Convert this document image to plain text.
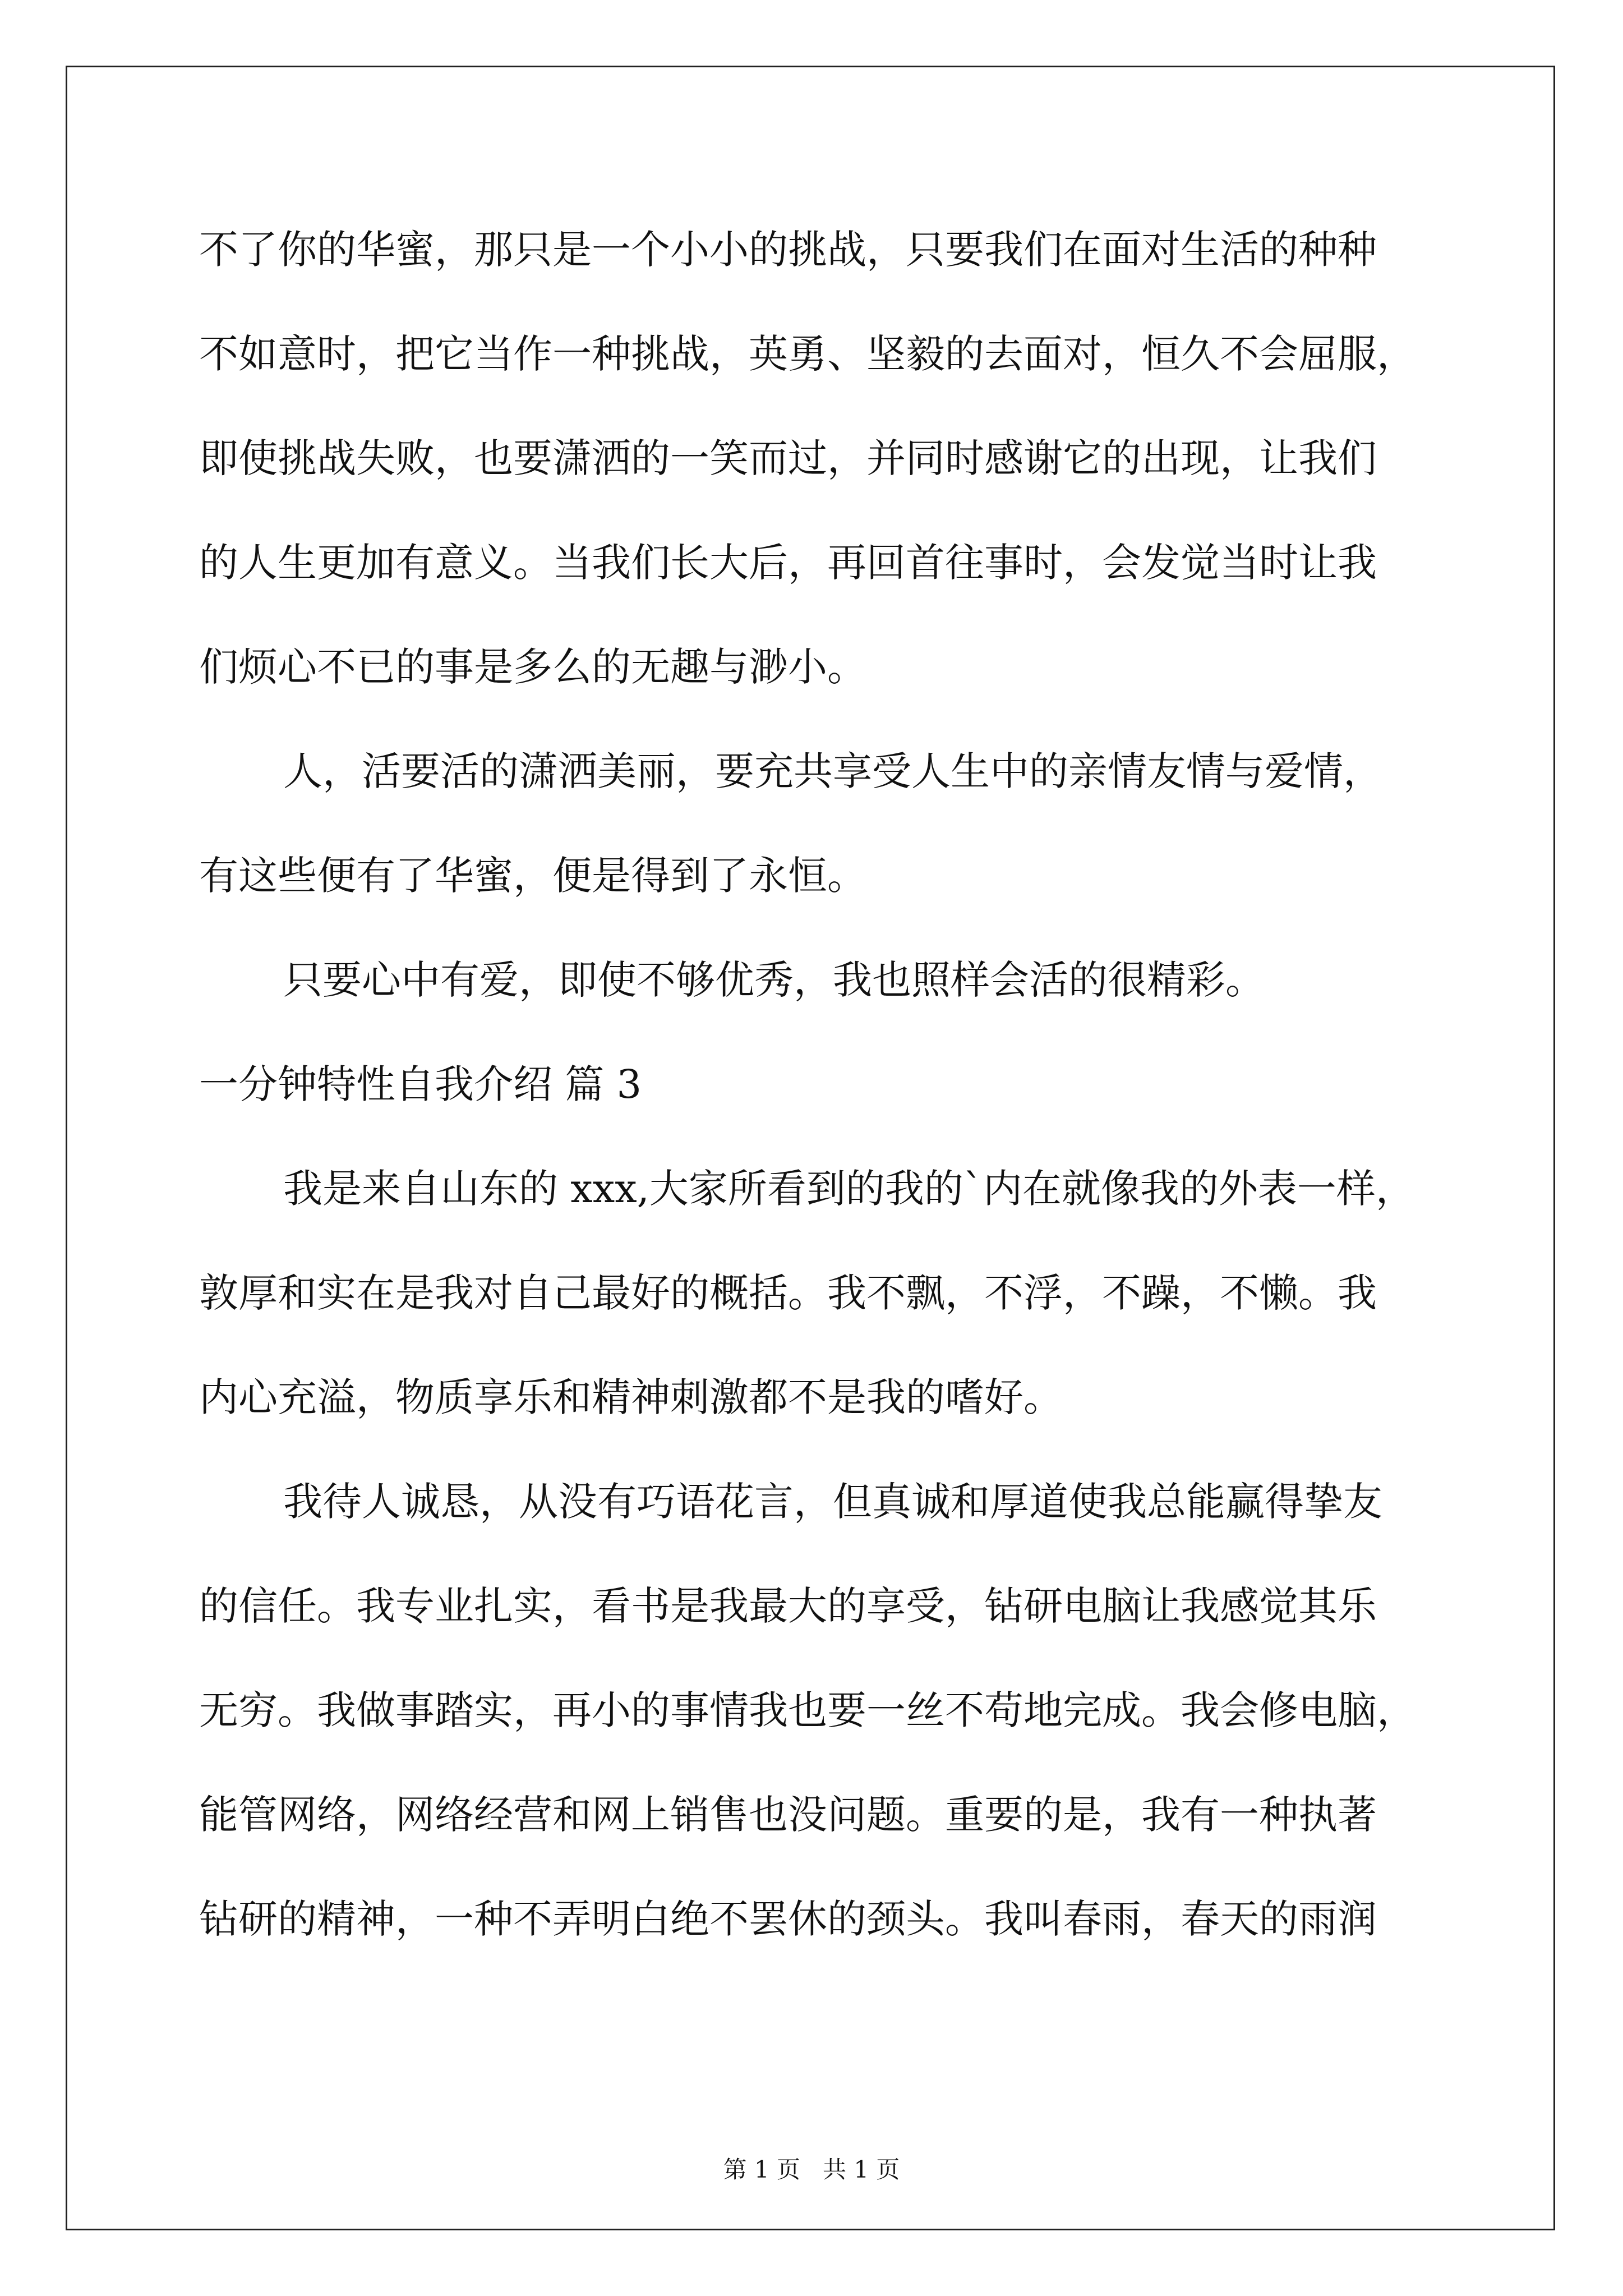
不了你的华蜜，那只是一个小小的挑战，只要我们在面对生活的种种
不如意时，把它当作一种挑战，英勇、坚毅的去面对，恒久不会屈服，
即使挑战失败，也要潇洒的一笑而过，并同时感谢它的出现，让我们
的人生更加有意义。当我们长大后，再回首往事时，会发觉当时让我
们烦心不已的事是多么的无趣与渺小。
人，活要活的潇洒美丽，要充共享受人生中的亲情友情与爱情，
有这些便有了华蜜，便是得到了永恒。
只要心中有爱，即使不够优秀，我也照样会活的很精彩。
一分钟特性自我介绍 篇 3
我是来自山东的 xxx,大家所看到的我的`内在就像我的外表一样，
敦厚和实在是我对自己最好的概括。我不飘，不浮，不躁，不懒。我
内心充溢，物质享乐和精神刺激都不是我的嗜好。
我待人诚恳，从没有巧语花言，但真诚和厚道使我总能赢得挚友
的信任。我专业扎实，看书是我最大的享受，钻研电脑让我感觉其乐
无穷。我做事踏实，再小的事情我也要一丝不苟地完成。我会修电脑，
能管网络，网络经营和网上销售也没问题。重要的是，我有一种执著
钻研的精神，一种不弄明白绝不罢休的颈头。我叫春雨，春天的雨润
第 1 页 共 1 页
